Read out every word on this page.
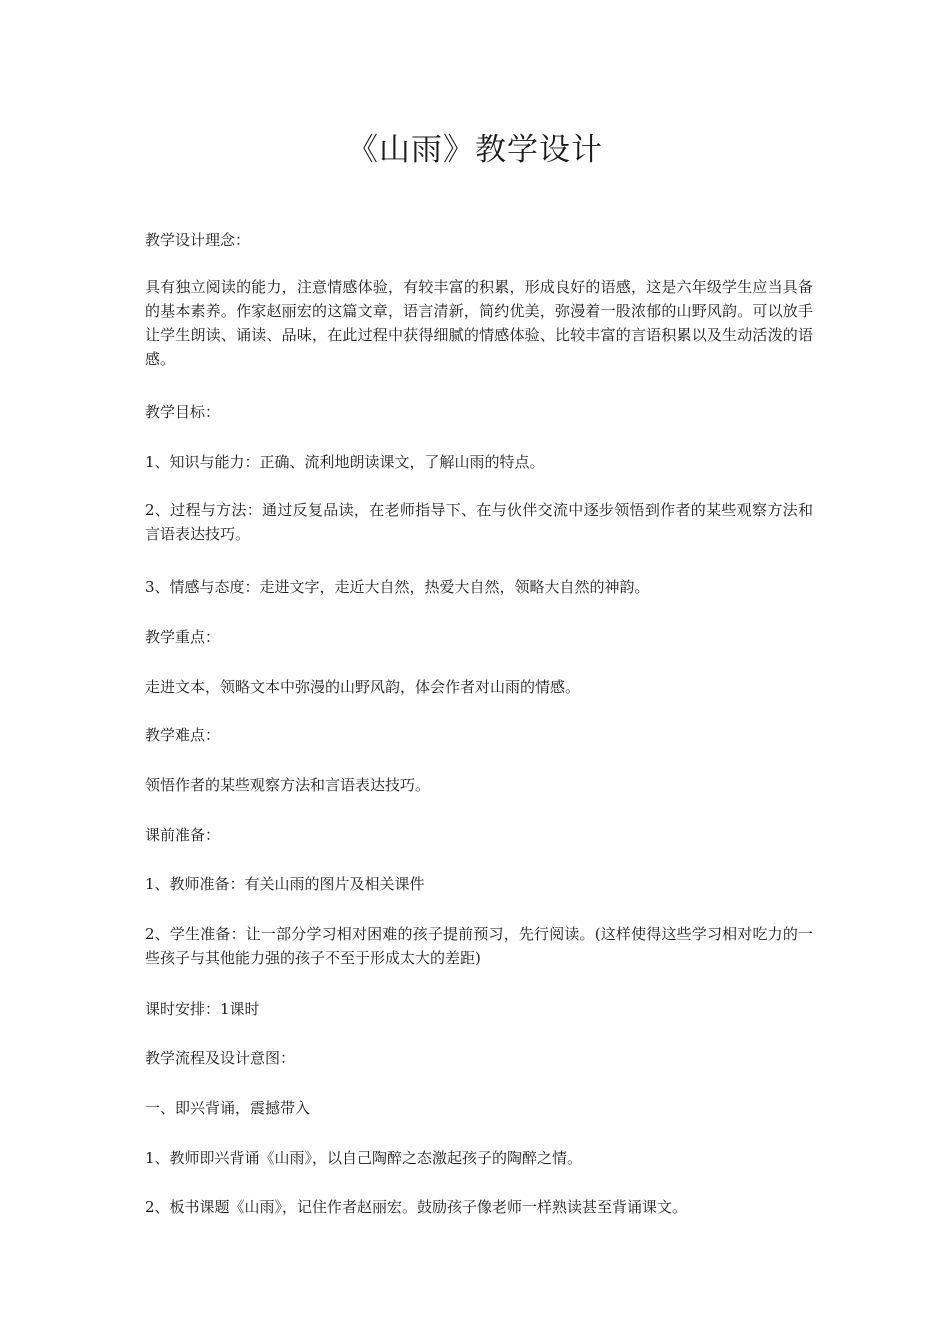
《山雨》教学设计

教学设计理念：

具有独立阅读的能力，注意情感体验，有较丰富的积累，形成良好的语感，这是六年级学生应当具备的基本素养。作家赵丽宏的这篇文章，语言清新，简约优美，弥漫着一股浓郁的山野风韵。可以放手让学生朗读、诵读、品味，在此过程中获得细腻的情感体验、比较丰富的言语积累以及生动活泼的语感。

教学目标：

1、知识与能力：正确、流利地朗读课文，了解山雨的特点。

2、过程与方法：通过反复品读，在老师指导下、在与伙伴交流中逐步领悟到作者的某些观察方法和言语表达技巧。

3、情感与态度：走进文字，走近大自然，热爱大自然，领略大自然的神韵。

教学重点：

走进文本，领略文本中弥漫的山野风韵，体会作者对山雨的情感。

教学难点：

领悟作者的某些观察方法和言语表达技巧。

课前准备：

1、教师准备：有关山雨的图片及相关课件

2、学生准备：让一部分学习相对困难的孩子提前预习，先行阅读。(这样使得这些学习相对吃力的一些孩子与其他能力强的孩子不至于形成太大的差距)

课时安排：1课时

教学流程及设计意图：

一、即兴背诵，震撼带入

1、教师即兴背诵《山雨》，以自己陶醉之态激起孩子的陶醉之情。

2、板书课题《山雨》，记住作者赵丽宏。鼓励孩子像老师一样熟读甚至背诵课文。
